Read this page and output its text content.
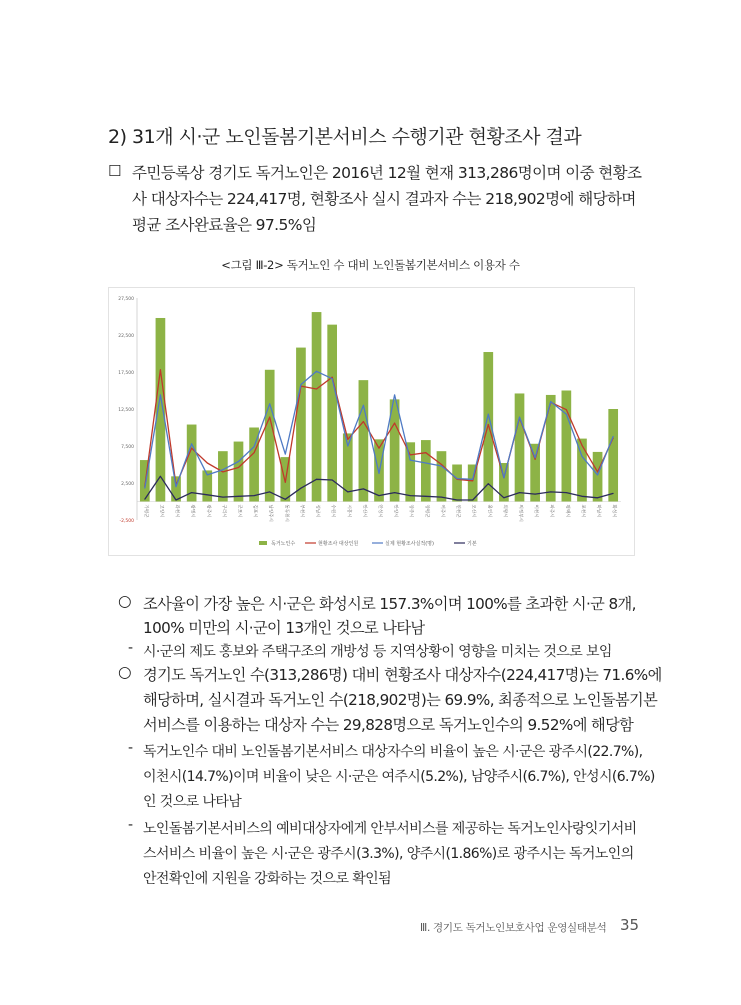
2) 31개 시·군 노인돌봄기본서비스 수행기관 현황조사 결과
☐ 주민등록상 경기도 독거노인은 2016년 12월 현재 313,286명이며 이중 현황조
사 대상자수는 224,417명, 현황조사 실시 결과자 수는 218,902명에 해당하며
평균 조사완료율은 97.5%임
<그림 Ⅲ-2> 독거노인 수 대비 노인돌봄기본서비스 이용자 수
27,500
22,500
17,500
12,500
7,500
2,500
-2,500
가평군	고양시	과천시	광명시	광주시	구리시	군포시	김포시	남양주시	동두천시	부천시	성남시	수원시	시흥시	안산시	안성시	안양시	양주시	양평군	여주시	연천군	오산시	용인시	의왕시	의정부시	이천시	파주시	평택시	포천시	하남시	화성시
독거노인수	현황조사 대상인원	실제 현황조사실적(명)	기본
○ 조사율이 가장 높은 시·군은 화성시로 157.3%이며 100%를 초과한 시·군 8개,
100% 미만의 시·군이 13개인 것으로 나타남
- 시·군의 제도 홍보와 주택구조의 개방성 등 지역상황이 영향을 미치는 것으로 보임
○ 경기도 독거노인 수(313,286명) 대비 현황조사 대상자수(224,417명)는 71.6%에
해당하며, 실시결과 독거노인 수(218,902명)는 69.9%, 최종적으로 노인돌봄기본
서비스를 이용하는 대상자 수는 29,828명으로 독거노인수의 9.52%에 해당함
- 독거노인수 대비 노인돌봄기본서비스 대상자수의 비율이 높은 시·군은 광주시(22.7%),
이천시(14.7%)이며 비율이 낮은 시·군은 여주시(5.2%), 남양주시(6.7%), 안성시(6.7%)
인 것으로 나타남
- 노인돌봄기본서비스의 예비대상자에게 안부서비스를 제공하는 독거노인사랑잇기서비
스서비스 비율이 높은 시·군은 광주시(3.3%), 양주시(1.86%)로 광주시는 독거노인의
안전확인에 지원을 강화하는 것으로 확인됨
Ⅲ. 경기도 독거노인보호사업 운영실태분석 35
